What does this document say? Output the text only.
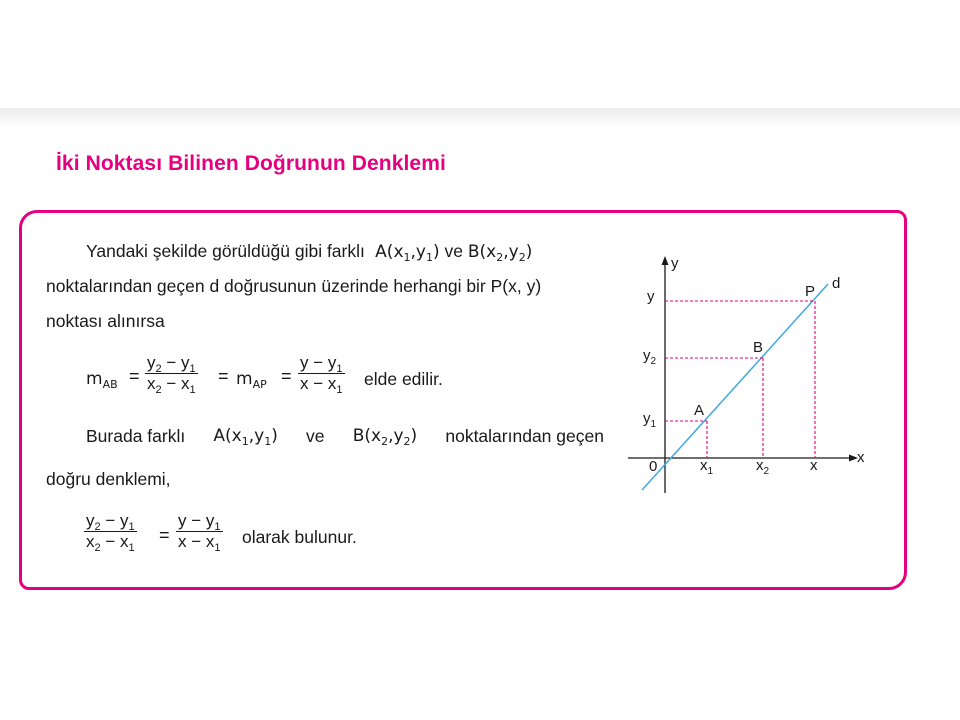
İki Noktası Bilinen Doğrunun Denklemi
Yandaki şekilde görüldüğü gibi farklı $A(x_1,y_1)$ ve $B(x_2,y_2)$
noktalarından geçen d doğrusunun üzerinde herhangi bir P(x, y)
noktası alınırsa
$m_{AB} = \frac{y_2 - y_1}{x_2 - x_1} = m_{AP} = \frac{y - y_1}{x - x_1}$ elde edilir.
Burada farklı $A(x_1,y_1)$ ve $B(x_2,y_2)$ noktalarından geçen
doğru denklemi,
$\frac{y_2 - y_1}{x_2 - x_1} = \frac{y - y_1}{x - x_1}$ olarak bulunur.
y
x
0
d
A
B
P
y
$y_2$
$y_1$
$x_1$	$x_2$	x
